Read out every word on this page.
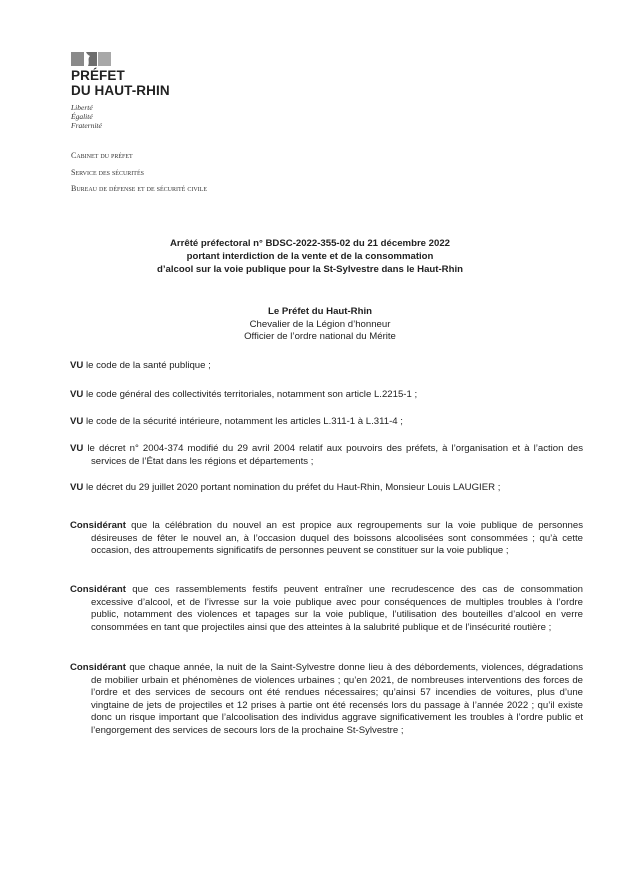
PRÉFET
DU HAUT-RHIN
Liberté
Égalité
Fraternité
Cabinet du préfet
Service des sécurités
Bureau de défense et de sécurité civile
Arrêté préfectoral n° BDSC-2022-355-02 du 21 décembre 2022
portant interdiction de la vente et de la consommation
d’alcool sur la voie publique pour la St-Sylvestre dans le Haut-Rhin
Le Préfet du Haut-Rhin
Chevalier de la Légion d’honneur
Officier de l’ordre national du Mérite
VU le code de la santé publique ;
VU le code général des collectivités territoriales, notamment son article L.2215-1 ;
VU le code de la sécurité intérieure, notamment les articles L.311-1 à L.311-4 ;
VU le décret n° 2004-374 modifié du 29 avril 2004 relatif aux pouvoirs des préfets, à l’organisation et à l’action des services de l’État dans les régions et départements ;
VU le décret du 29 juillet 2020 portant nomination du préfet du Haut-Rhin, Monsieur Louis LAUGIER ;
Considérant que la célébration du nouvel an est propice aux regroupements sur la voie publique de personnes désireuses de fêter le nouvel an, à l’occasion duquel des boissons alcoolisées sont consommées ; qu’à cette occasion, des attroupements significatifs de personnes peuvent se constituer sur la voie publique ;
Considérant que ces rassemblements festifs peuvent entraîner une recrudescence des cas de consommation excessive d’alcool, et de l’ivresse sur la voie publique avec pour conséquences de multiples troubles à l’ordre public, notamment des violences et tapages sur la voie publique, l’utilisation des bouteilles d’alcool en verre consommées en tant que projectiles ainsi que des atteintes à la salubrité publique et de l’insécurité routière ;
Considérant que chaque année, la nuit de la Saint-Sylvestre donne lieu à des débordements, violences, dégradations de mobilier urbain et phénomènes de violences urbaines ; qu’en 2021, de nombreuses interventions des forces de l’ordre et des services de secours ont été rendues nécessaires; qu’ainsi 57 incendies de voitures, plus d’une vingtaine de jets de projectiles et 12 prises à partie ont été recensés lors du passage à l’année 2022 ; qu’il existe donc un risque important que l’alcoolisation des individus aggrave significativement les troubles à l’ordre public et l’engorgement des services de secours lors de la prochaine St-Sylvestre ;
